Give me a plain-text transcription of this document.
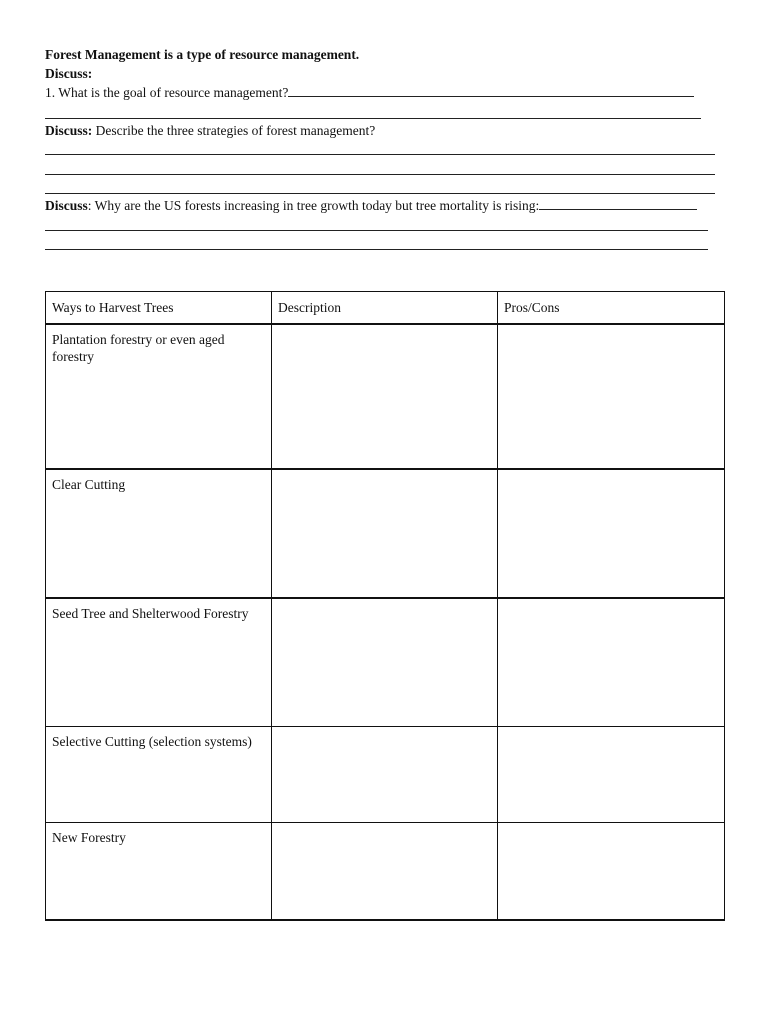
Forest Management is a type of resource management.
Discuss:
1. What is the goal of resource management?
Discuss: Describe the three strategies of forest management?
Discuss: Why are the US forests increasing in tree growth today but tree mortality is rising:
Ways to Harvest Trees	Description	Pros/Cons
Plantation forestry or even aged forestry		
Clear Cutting		
Seed Tree and Shelterwood Forestry		
Selective Cutting (selection systems)		
New Forestry		
